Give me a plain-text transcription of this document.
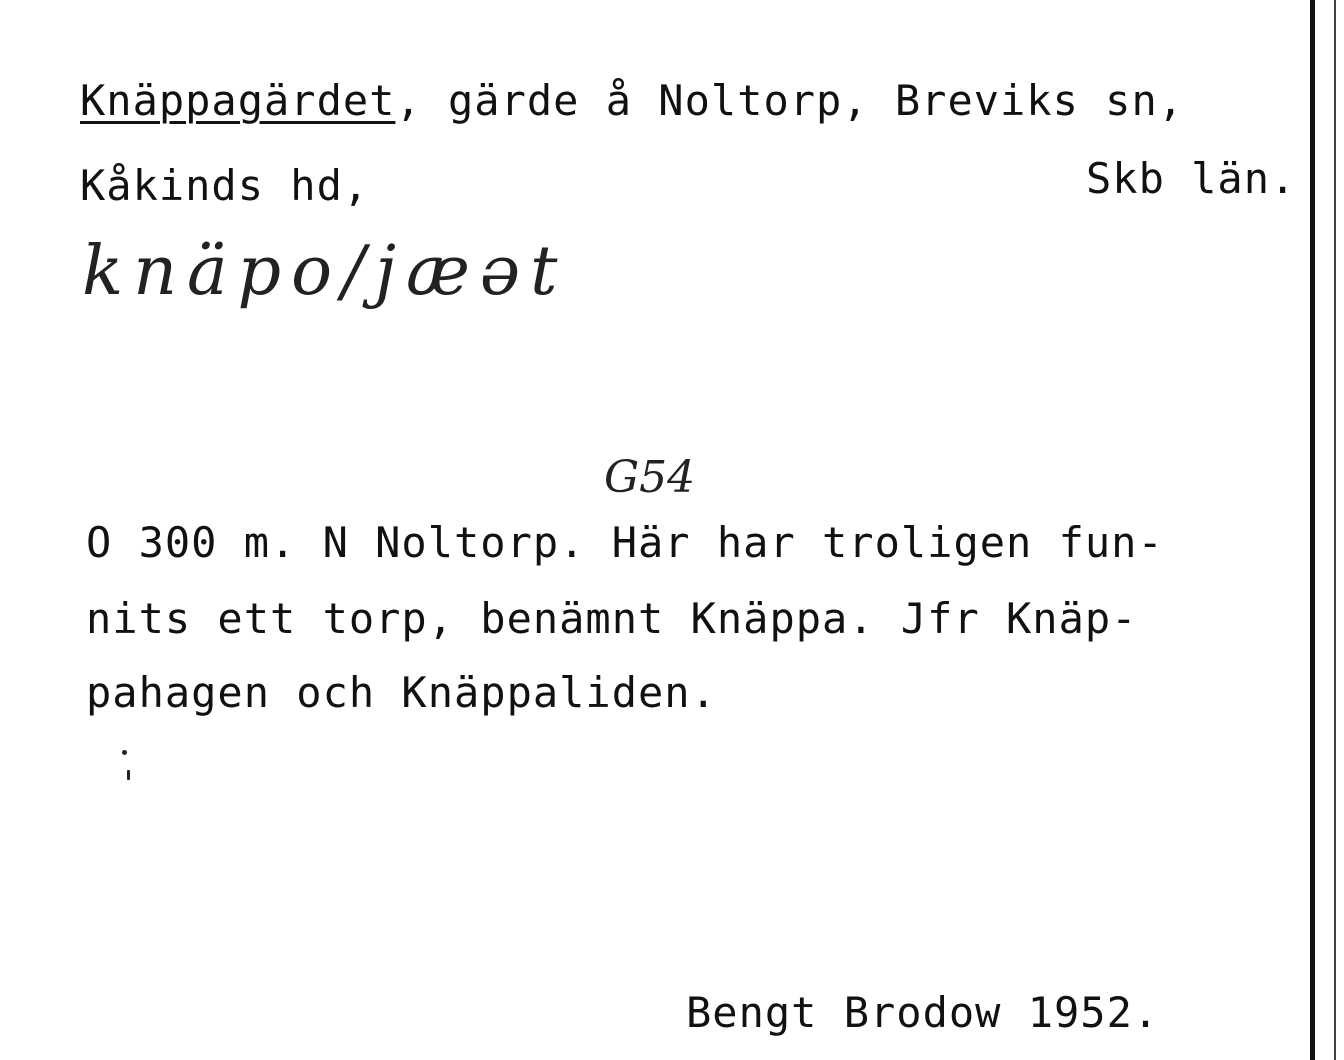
Knäppagärdet, gärde å Noltorp, Breviks sn,
Kåkinds hd,	Skb län.
knäpo/jæət
G54
O 300 m. N Noltorp. Här har troligen fun-
nits ett torp, benämnt Knäppa. Jfr Knäp-
pahagen och Knäppaliden.
Bengt Brodow 1952.
